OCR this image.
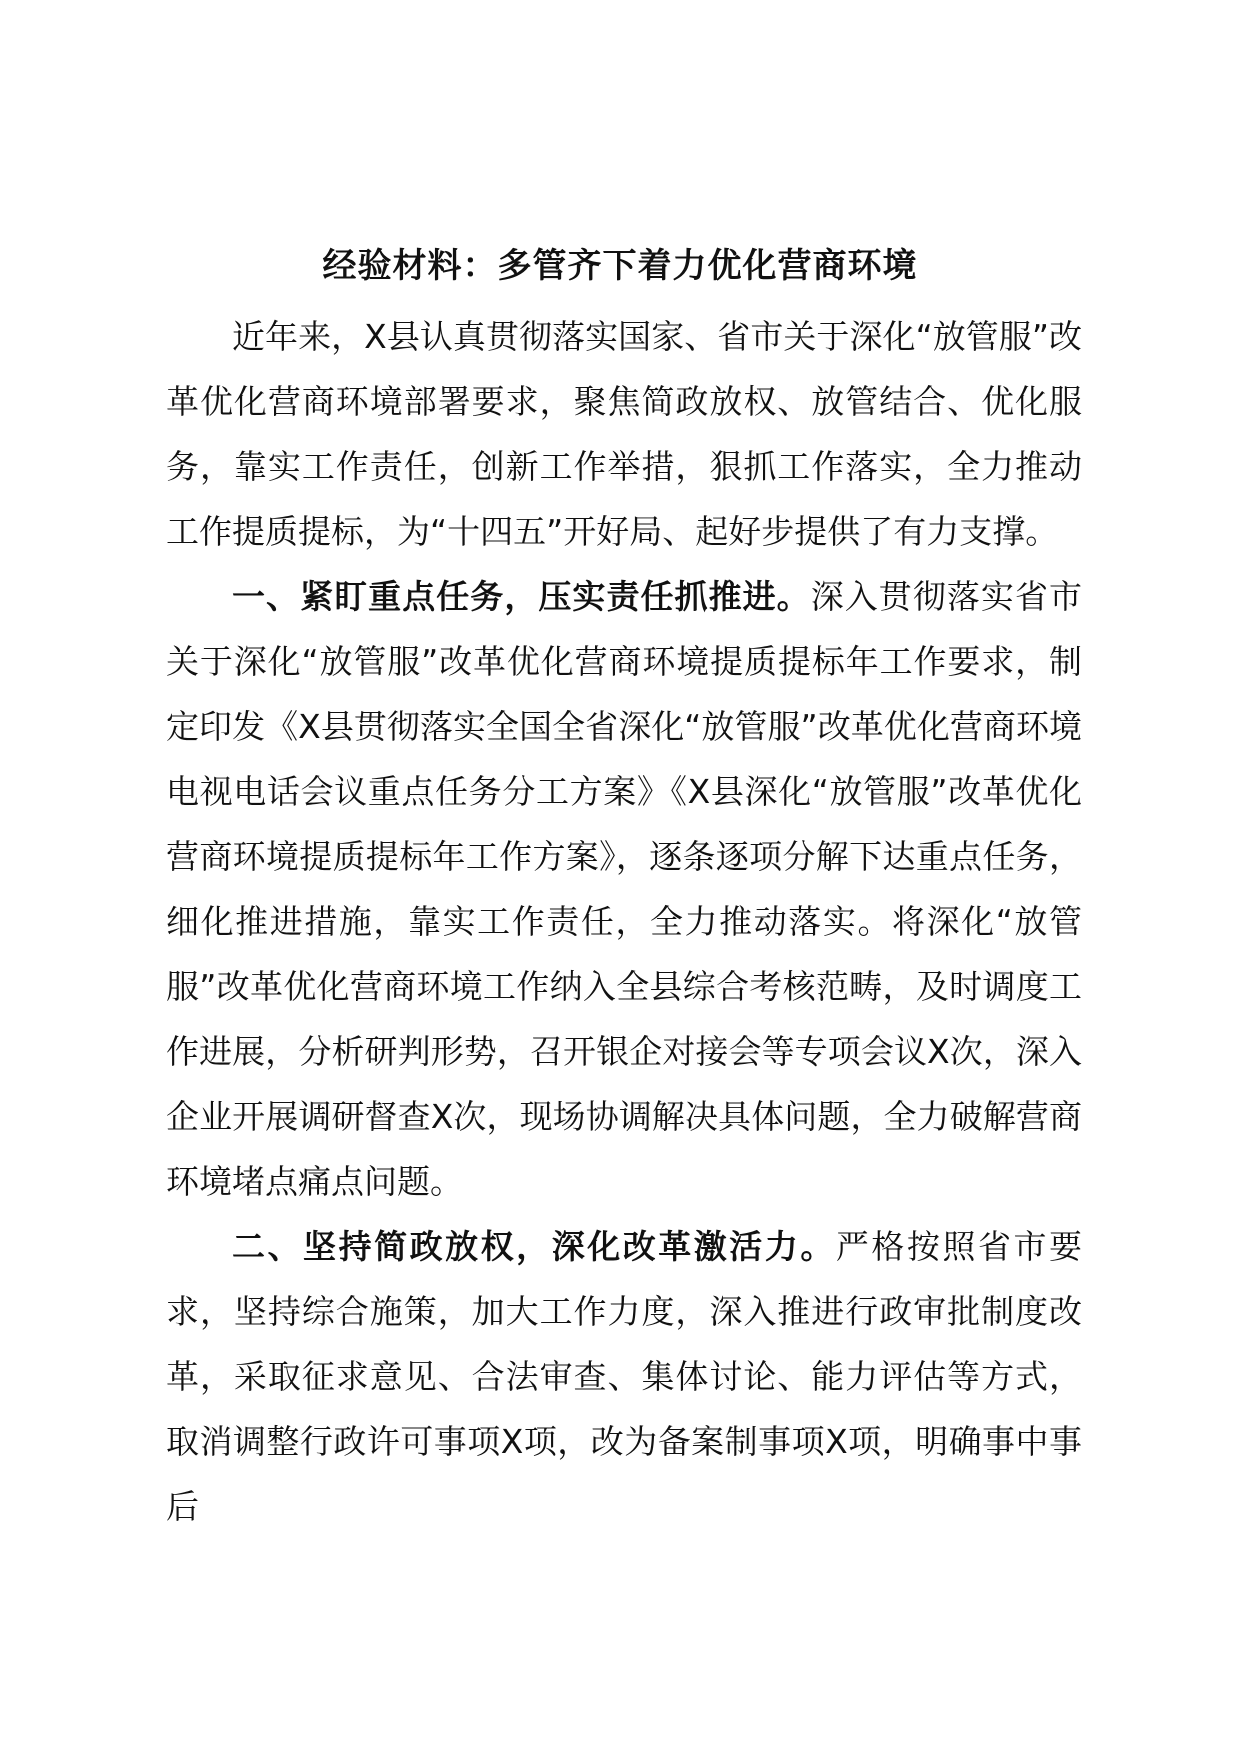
经验材料：多管齐下着力优化营商环境

近年来，X县认真贯彻落实国家、省市关于深化“放管服”改革优化营商环境部署要求，聚焦简政放权、放管结合、优化服务，靠实工作责任，创新工作举措，狠抓工作落实，全力推动工作提质提标，为“十四五”开好局、起好步提供了有力支撑。

一、紧盯重点任务，压实责任抓推进。深入贯彻落实省市关于深化“放管服”改革优化营商环境提质提标年工作要求，制定印发《X县贯彻落实全国全省深化“放管服”改革优化营商环境电视电话会议重点任务分工方案》《X县深化“放管服”改革优化营商环境提质提标年工作方案》，逐条逐项分解下达重点任务，细化推进措施，靠实工作责任，全力推动落实。将深化“放管服”改革优化营商环境工作纳入全县综合考核范畴，及时调度工作进展，分析研判形势，召开银企对接会等专项会议X次，深入企业开展调研督查X次，现场协调解决具体问题，全力破解营商环境堵点痛点问题。

二、坚持简政放权，深化改革激活力。严格按照省市要求，坚持综合施策，加大工作力度，深入推进行政审批制度改革，采取征求意见、合法审查、集体讨论、能力评估等方式，取消调整行政许可事项X项，改为备案制事项X项，明确事中事后
